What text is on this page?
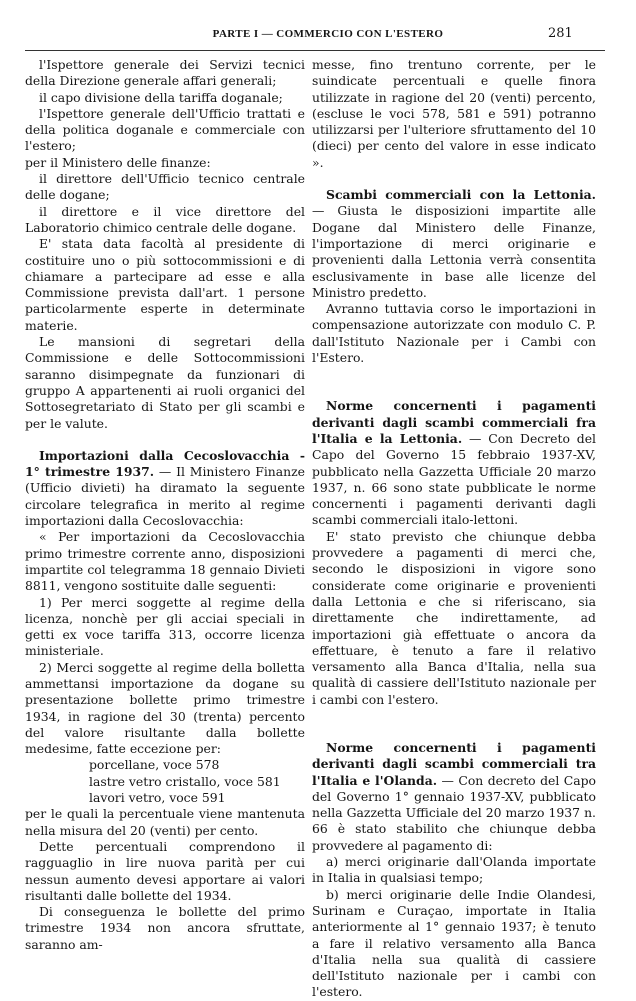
PARTE I — COMMERCIO CON L'ESTERO	281

l'Ispettore generale dei Servizi tecnici della Direzione generale affari generali;

il capo divisione della tariffa doganale;

l'Ispettore generale dell'Ufficio trattati e della politica doganale e commerciale con l'estero;

per il Ministero delle finanze:

il direttore dell'Ufficio tecnico centrale delle dogane;

il direttore e il vice direttore del Laboratorio chimico centrale delle dogane.

E' stata data facoltà al presidente di costituire uno o più sottocommissioni e di chiamare a partecipare ad esse e alla Commissione prevista dall'art. 1 persone particolarmente esperte in determinate materie.

Le mansioni di segretari della Commissione e delle Sottocommissioni saranno disimpegnate da funzionari di gruppo A appartenenti ai ruoli organici del Sottosegretariato di Stato per gli scambi e per le valute.

Importazioni dalla Cecoslovacchia - 1° trimestre 1937. — Il Ministero Finanze (Ufficio divieti) ha diramato la seguente circolare telegrafica in merito al regime importazioni dalla Cecoslovacchia:

« Per importazioni da Cecoslovacchia primo trimestre corrente anno, disposizioni impartite col telegramma 18 gennaio Divieti 8811, vengono sostituite dalle seguenti:

1) Per merci soggette al regime della licenza, nonchè per gli acciai speciali in getti ex voce tariffa 313, occorre licenza ministeriale.

2) Merci soggette al regime della bolletta ammettansi importazione da dogane su presentazione bollette primo trimestre 1934, in ragione del 30 (trenta) percento del valore risultante dalla bollette medesime, fatte eccezione per:

porcellane, voce 578
lastre vetro cristallo, voce 581
lavori vetro, voce 591

per le quali la percentuale viene mantenuta nella misura del 20 (venti) per cento.

Dette percentuali comprendono il ragguaglio in lire nuova parità per cui nessun aumento devesi apportare ai valori risultanti dalle bollette del 1934.

Di conseguenza le bollette del primo trimestre 1934 non ancora sfruttate, saranno am-

messe, fino trentuno corrente, per le suindicate percentuali e quelle finora utilizzate in ragione del 20 (venti) percento, (escluse le voci 578, 581 e 591) potranno utilizzarsi per l'ulteriore sfruttamento del 10 (dieci) per cento del valore in esse indicato ».

Scambi commerciali con la Lettonia. — Giusta le disposizioni impartite alle Dogane dal Ministero delle Finanze, l'importazione di merci originarie e provenienti dalla Lettonia verrà consentita esclusivamente in base alle licenze del Ministro predetto.

Avranno tuttavia corso le importazioni in compensazione autorizzate con modulo C. P. dall'Istituto Nazionale per i Cambi con l'Estero.

Norme concernenti i pagamenti derivanti dagli scambi commerciali fra l'Italia e la Lettonia. — Con Decreto del Capo del Governo 15 febbraio 1937-XV, pubblicato nella Gazzetta Ufficiale 20 marzo 1937, n. 66 sono state pubblicate le norme concernenti i pagamenti derivanti dagli scambi commerciali italo-lettoni.

E' stato previsto che chiunque debba provvedere a pagamenti di merci che, secondo le disposizioni in vigore sono considerate come originarie e provenienti dalla Lettonia e che si riferiscano, sia direttamente che indirettamente, ad importazioni già effettuate o ancora da effettuare, è tenuto a fare il relativo versamento alla Banca d'Italia, nella sua qualità di cassiere dell'Istituto nazionale per i cambi con l'estero.

Norme concernenti i pagamenti derivanti dagli scambi commerciali tra l'Italia e l'Olanda. — Con decreto del Capo del Governo 1° gennaio 1937-XV, pubblicato nella Gazzetta Ufficiale del 20 marzo 1937 n. 66 è stato stabilito che chiunque debba provvedere al pagamento di:

a) merci originarie dall'Olanda importate in Italia in qualsiasi tempo;

b) merci originarie delle Indie Olandesi, Surinam e Curaçao, importate in Italia anteriormente al 1° gennaio 1937; è tenuto a fare il relativo versamento alla Banca d'Italia nella sua qualità di cassiere dell'Istituto nazionale per i cambi con l'estero.
